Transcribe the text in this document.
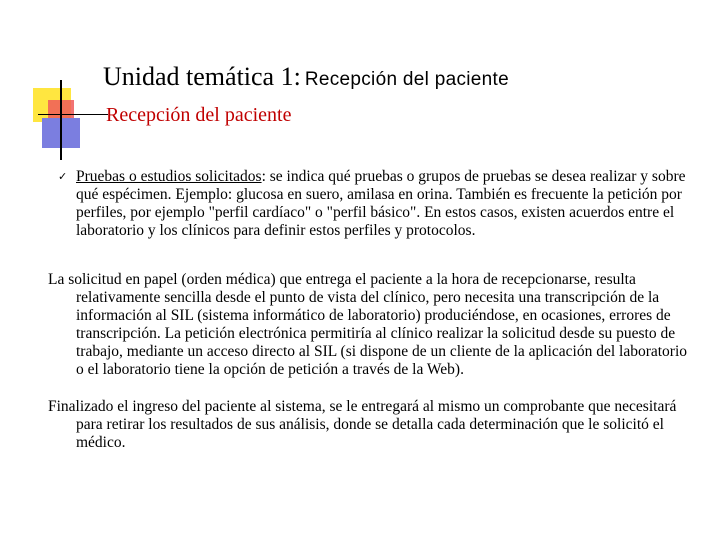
Unidad temática 1: Recepción del paciente
Recepción del paciente
✓ Pruebas o estudios solicitados: se indica qué pruebas o grupos de pruebas se desea realizar y sobre qué espécimen. Ejemplo: glucosa en suero, amilasa en orina. También es frecuente la petición por perfiles, por ejemplo "perfil cardíaco" o "perfil básico". En estos casos, existen acuerdos entre el laboratorio y los clínicos para definir estos perfiles y protocolos.

La solicitud en papel (orden médica) que entrega el paciente a la hora de recepcionarse, resulta relativamente sencilla desde el punto de vista del clínico, pero necesita una transcripción de la información al SIL (sistema informático de laboratorio) produciéndose, en ocasiones, errores de transcripción. La petición electrónica permitiría al clínico realizar la solicitud desde su puesto de trabajo, mediante un acceso directo al SIL (si dispone de un cliente de la aplicación del laboratorio o el laboratorio tiene la opción de petición a través de la Web).

Finalizado el ingreso del paciente al sistema, se le entregará al mismo un comprobante que necesitará para retirar los resultados de sus análisis, donde se detalla cada determinación que le solicitó el médico.
